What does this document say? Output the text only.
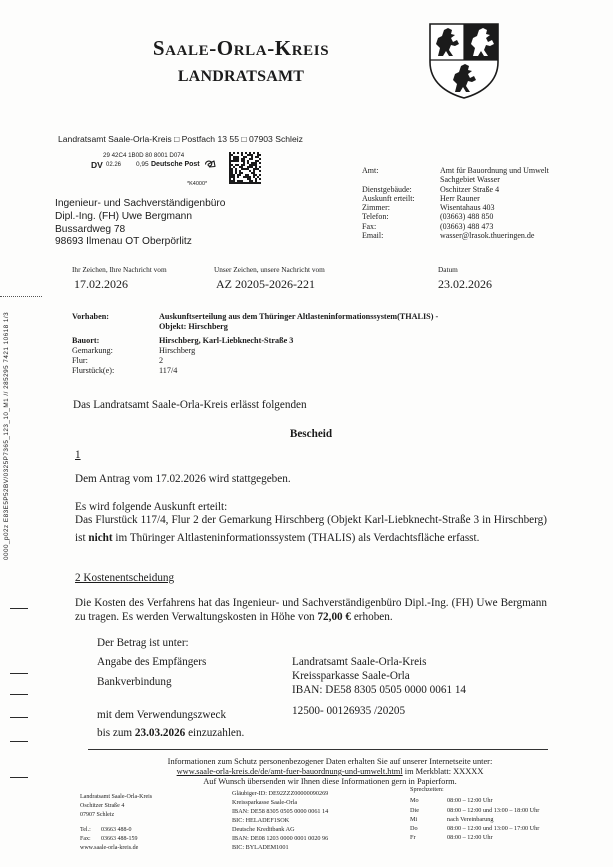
Saale-Orla-Kreis
LANDRATSAMT
Landratsamt Saale-Orla-Kreis □ Postfach 13 55 □ 07903 Schleiz
29 42C4 1B0D 80 8001 D074
DV 02.26 0,95 Deutsche Post
*K4000*
Ingenieur- und Sachverständigenbüro
Dipl.-Ing. (FH) Uwe Bergmann
Bussardweg 78
98693 Ilmenau OT Oberpörlitz
Amt:	Amt für Bauordnung und Umwelt
Sachgebiet Wasser
Dienstgebäude:	Oschitzer Straße 4
Auskunft erteilt:	Herr Rauner
Zimmer:	Wisentahaus 403
Telefon:	(03663) 488 850
Fax:	(03663) 488 473
Email:	wasser@lrasok.thueringen.de
Ihr Zeichen, Ihre Nachricht vom
17.02.2026
Unser Zeichen, unsere Nachricht vom
AZ 20205-2026-221
Datum
23.02.2026
0000_p02z E83E5P52BV/0325P7365_123_10_M1 // 285295 7421 10618 1/3	Vorhaben:	Auskunftserteilung aus dem Thüringer Altlasteninformationssystem(THALIS) -
Objekt: Hirschberg
Bauort:	Hirschberg, Karl-Liebknecht-Straße 3
Gemarkung:	Hirschberg
Flur:	2
Flurstück(e):	117/4
Das Landratsamt Saale-Orla-Kreis erlässt folgenden
Bescheid
1
Dem Antrag vom 17.02.2026 wird stattgegeben.
Es wird folgende Auskunft erteilt:

Das Flurstück 117/4, Flur 2 der Gemarkung Hirschberg (Objekt Karl-Liebknecht-Straße 3 in Hirschberg) ist nicht im Thüringer Altlasteninformationssystem (THALIS) als Verdachtsfläche erfasst.

2 Kostenentscheidung

Die Kosten des Verfahrens hat das Ingenieur- und Sachverständigenbüro Dipl.-Ing. (FH) Uwe Bergmann zu tragen. Es werden Verwaltungskosten in Höhe von 72,00 € erhoben.

Der Betrag ist unter:
Angabe des Empfängers	Landratsamt Saale-Orla-Kreis
Bankverbindung	Kreissparkasse Saale-Orla
IBAN: DE58 8305 0505 0000 0061 14
mit dem Verwendungszweck	12500- 00126935 /20205
bis zum 23.03.2026 einzuzahlen.
Informationen zum Schutz personenbezogener Daten erhalten Sie auf unserer Internetseite unter:
www.saale-orla-kreis.de/de/amt-fuer-bauordnung-und-umwelt.html im Merkblatt: XXXXX
Auf Wunsch übersenden wir Ihnen diese Informationen gern in Papierform.
Landratsamt Saale-Orla-Kreis
Oschitzer Straße 4
07907 Schleiz
Tel.: 03663 488-0
Fax: 03663 488-159
www.saale-orla-kreis.de
Gläubiger-ID: DE92ZZZ00000090269
Kreissparkasse Saale-Orla
IBAN: DE58 8305 0505 0000 0061 14
BIC: HELADEF1SOK
Deutsche Kreditbank AG
IBAN: DE08 1203 0000 0001 0020 96
BIC: BYLADEM1001
Sprechzeiten:
Mo	08:00 – 12:00 Uhr
Die	08:00 – 12:00 und 13:00 – 18:00 Uhr
Mi	nach Vereinbarung
Do	08:00 – 12:00 und 13:00 – 17:00 Uhr
Fr	08:00 – 12:00 Uhr
